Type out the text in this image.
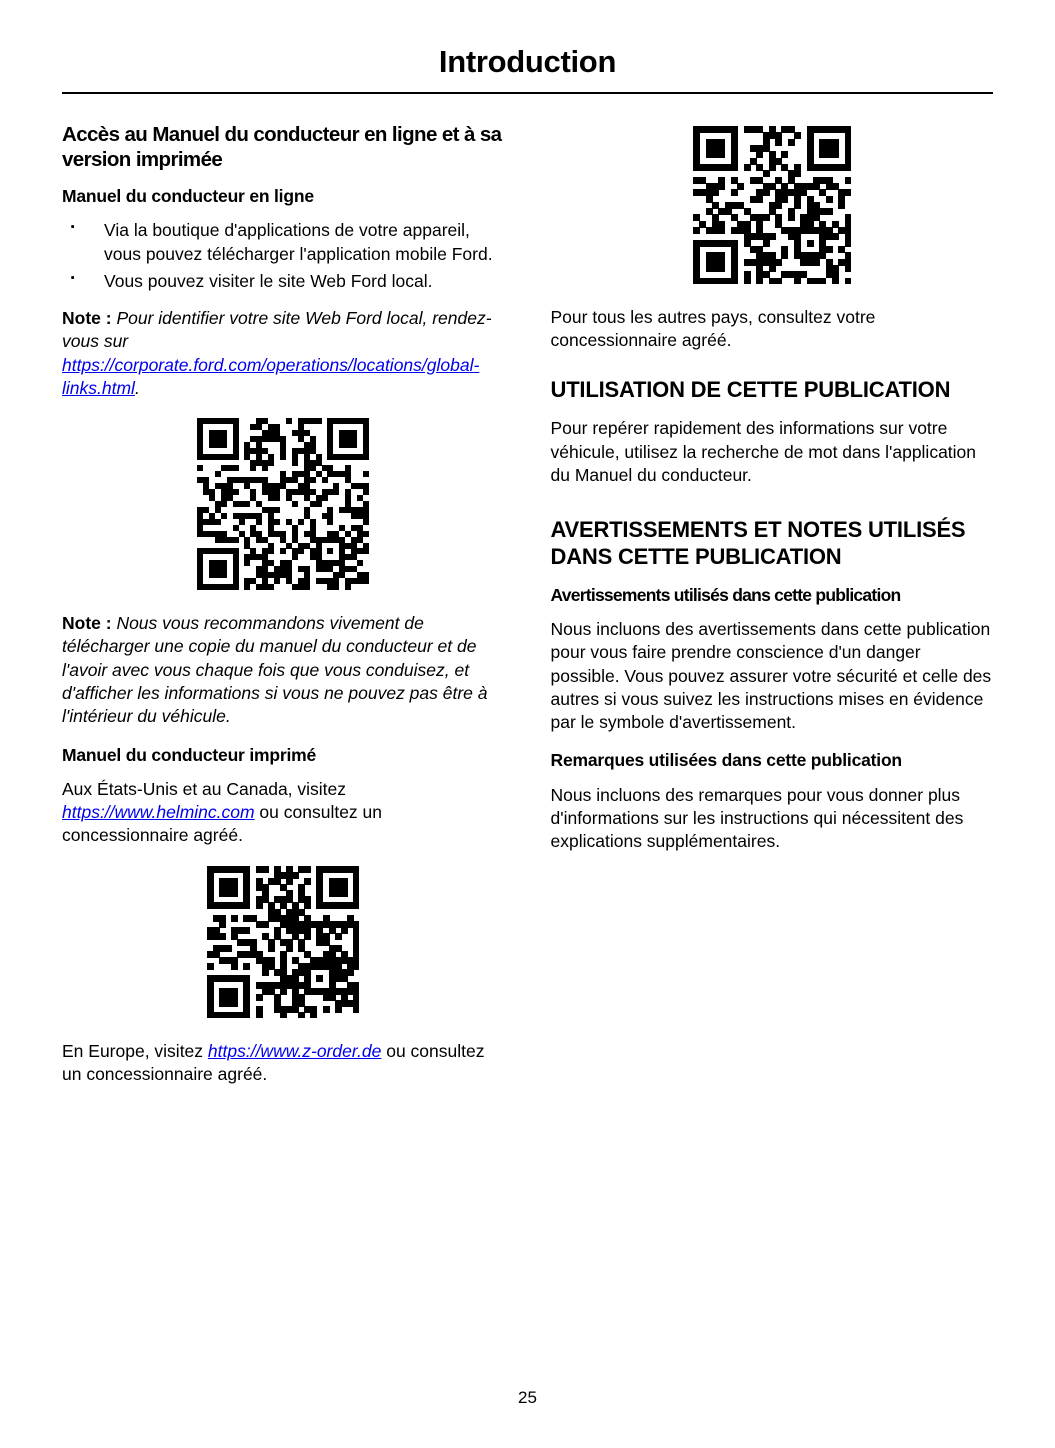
Introduction
Accès au Manuel du conducteur en ligne et à sa version imprimée
Manuel du conducteur en ligne
· Via la boutique d'applications de votre appareil, vous pouvez télécharger l'application mobile Ford.
· Vous pouvez visiter le site Web Ford local.

Note : Pour identifier votre site Web Ford local, rendez-vous sur https://corporate.ford.com/operations/locations/global-links.html.

Note : Nous vous recommandons vivement de télécharger une copie du manuel du conducteur et de l'avoir avec vous chaque fois que vous conduisez, et d'afficher les informations si vous ne pouvez pas être à l'intérieur du véhicule.

Manuel du conducteur imprimé

Aux États-Unis et au Canada, visitez https://www.helminc.com ou consultez un concessionnaire agréé.

En Europe, visitez https://www.z-order.de ou consultez un concessionnaire agréé.

Pour tous les autres pays, consultez votre concessionnaire agréé.

UTILISATION DE CETTE PUBLICATION

Pour repérer rapidement des informations sur votre véhicule, utilisez la recherche de mot dans l'application du Manuel du conducteur.

AVERTISSEMENTS ET NOTES UTILISÉS DANS CETTE PUBLICATION
Avertissements utilisés dans cette publication

Nous incluons des avertissements dans cette publication pour vous faire prendre conscience d'un danger possible. Vous pouvez assurer votre sécurité et celle des autres si vous suivez les instructions mises en évidence par le symbole d'avertissement.

Remarques utilisées dans cette publication

Nous incluons des remarques pour vous donner plus d'informations sur les instructions qui nécessitent des explications supplémentaires.

25
